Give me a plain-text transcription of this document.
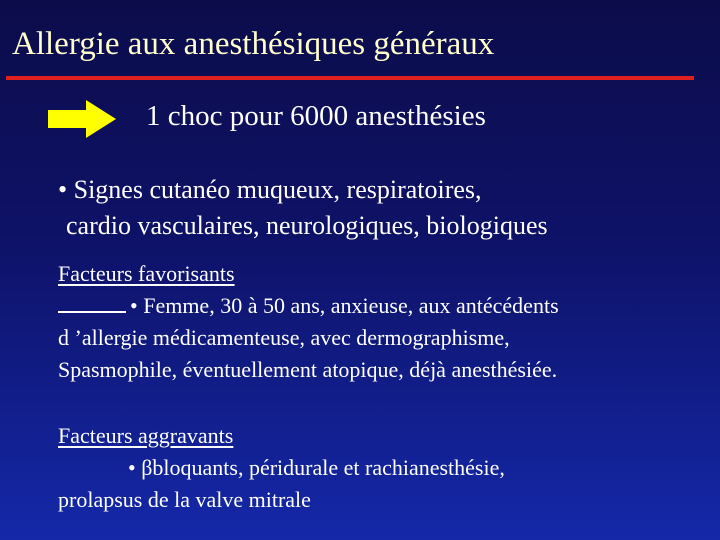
Allergie aux anesthésiques généraux
1 choc pour 6000 anesthésies
• Signes cutanéo muqueux, respiratoires,
cardio vasculaires, neurologiques, biologiques
Facteurs favorisants
• Femme, 30 à 50 ans, anxieuse, aux antécédents
d ’allergie médicamenteuse, avec dermographisme,
Spasmophile, éventuellement atopique, déjà anesthésiée.
Facteurs aggravants
• βbloquants, péridurale et rachianesthésie,
prolapsus de la valve mitrale
